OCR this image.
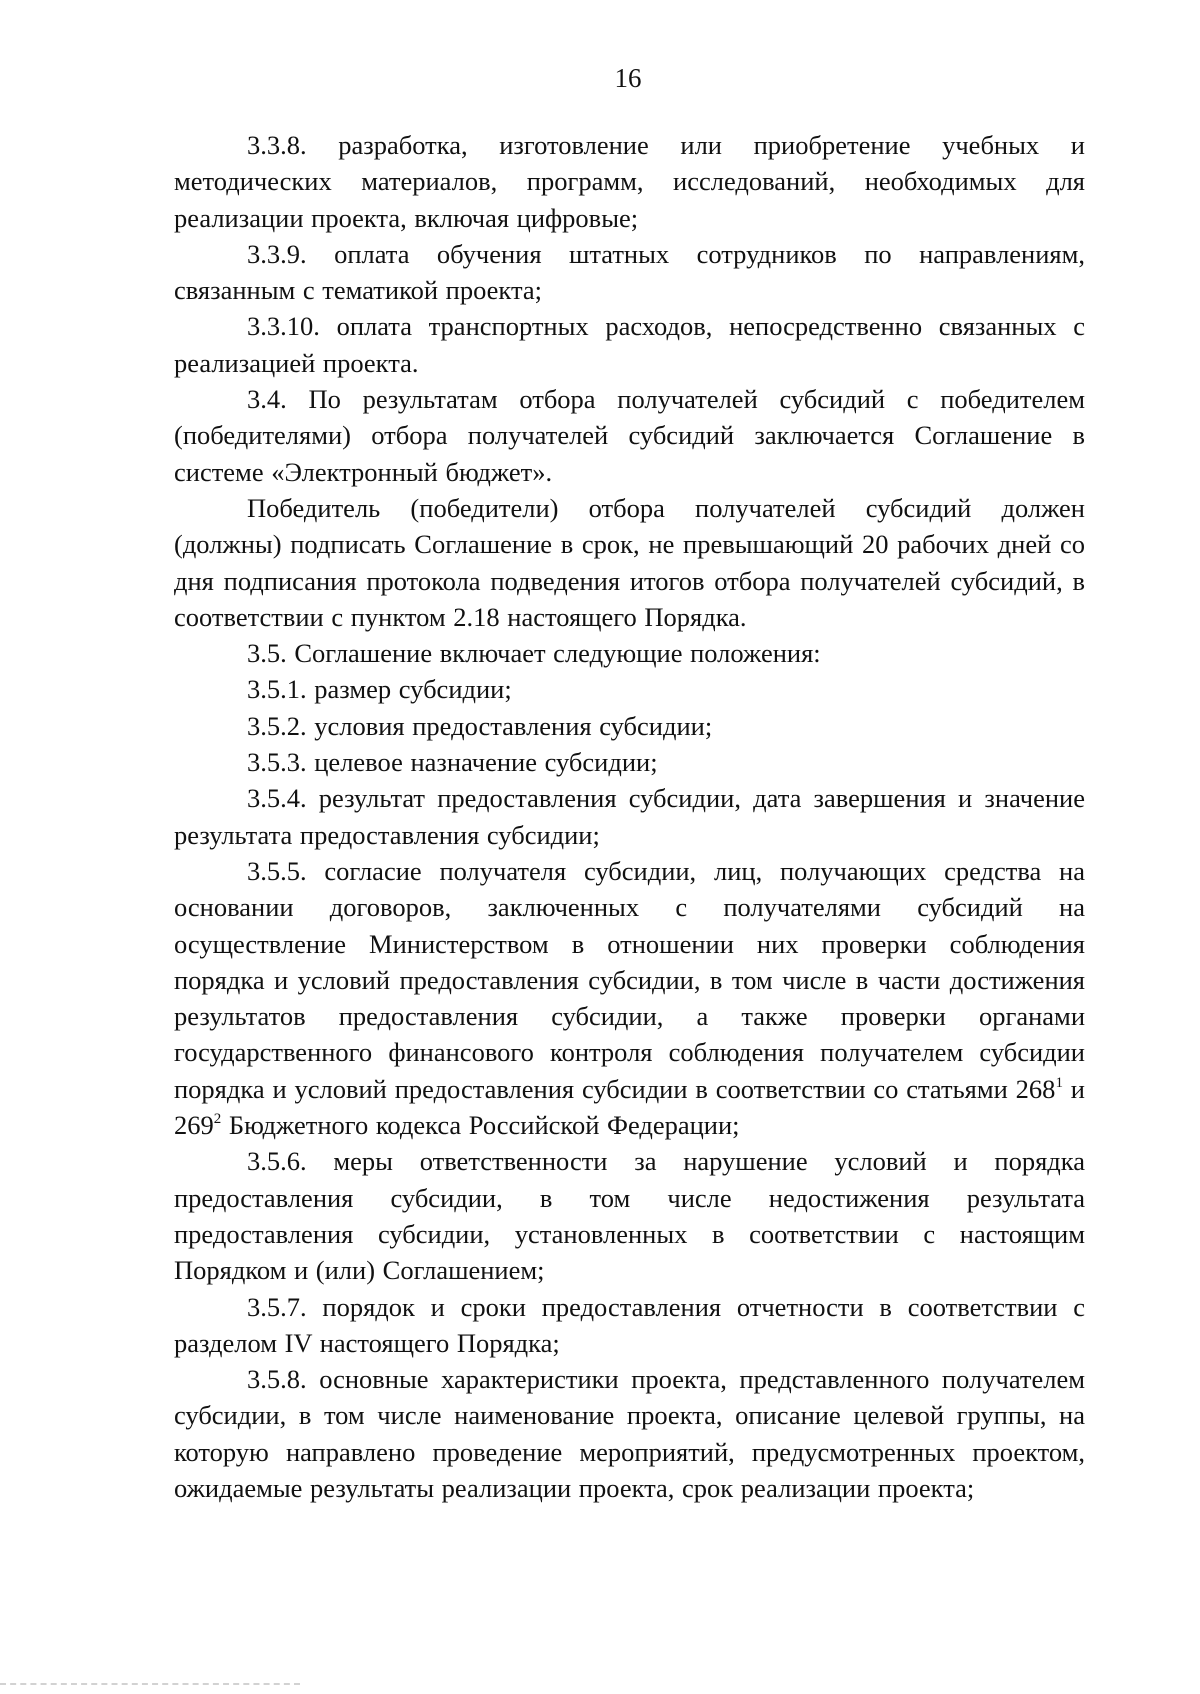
16

3.3.8. разработка, изготовление или приобретение учебных и методических материалов, программ, исследований, необходимых для реализации проекта, включая цифровые;

3.3.9. оплата обучения штатных сотрудников по направлениям, связанным с тематикой проекта;

3.3.10. оплата транспортных расходов, непосредственно связанных с реализацией проекта.

3.4. По результатам отбора получателей субсидий с победителем (победителями) отбора получателей субсидий заключается Соглашение в системе «Электронный бюджет».

Победитель (победители) отбора получателей субсидий должен (должны) подписать Соглашение в срок, не превышающий 20 рабочих дней со дня подписания протокола подведения итогов отбора получателей субсидий, в соответствии с пунктом 2.18 настоящего Порядка.

3.5. Соглашение включает следующие положения:

3.5.1. размер субсидии;

3.5.2. условия предоставления субсидии;

3.5.3. целевое назначение субсидии;

3.5.4. результат предоставления субсидии, дата завершения и значение результата предоставления субсидии;

3.5.5. согласие получателя субсидии, лиц, получающих средства на основании договоров, заключенных с получателями субсидий на осуществление Министерством в отношении них проверки соблюдения порядка и условий предоставления субсидии, в том числе в части достижения результатов предоставления субсидии, а также проверки органами государственного финансового контроля соблюдения получателем субсидии порядка и условий предоставления субсидии в соответствии со статьями $268^1$ и $269^2$ Бюджетного кодекса Российской Федерации;

3.5.6. меры ответственности за нарушение условий и порядка предоставления субсидии, в том числе недостижения результата предоставления субсидии, установленных в соответствии с настоящим Порядком и (или) Соглашением;

3.5.7. порядок и сроки предоставления отчетности в соответствии с разделом IV настоящего Порядка;

3.5.8. основные характеристики проекта, представленного получателем субсидии, в том числе наименование проекта, описание целевой группы, на которую направлено проведение мероприятий, предусмотренных проектом, ожидаемые результаты реализации проекта, срок реализации проекта;
